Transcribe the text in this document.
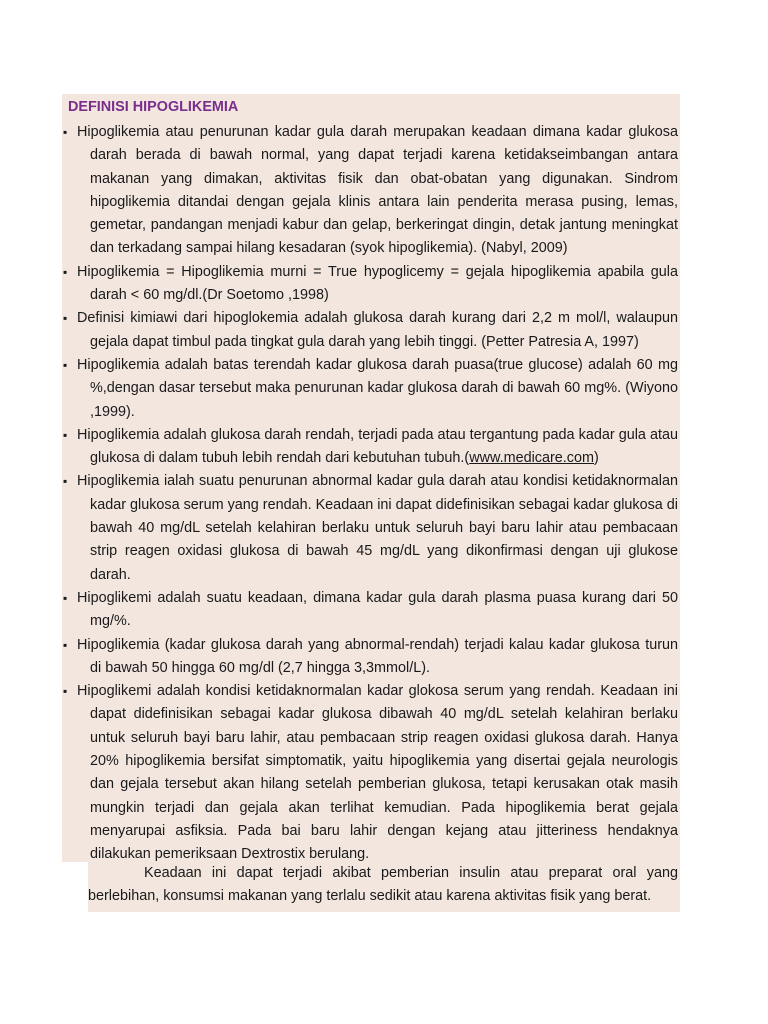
DEFINISI HIPOGLIKEMIA
▪ Hipoglikemia atau penurunan kadar gula darah merupakan keadaan dimana kadar glukosa darah berada di bawah normal, yang dapat terjadi karena ketidakseimbangan antara makanan yang dimakan, aktivitas fisik dan obat-obatan yang digunakan. Sindrom hipoglikemia ditandai dengan gejala klinis antara lain penderita merasa pusing, lemas, gemetar, pandangan menjadi kabur dan gelap, berkeringat dingin, detak jantung meningkat dan terkadang sampai hilang kesadaran (syok hipoglikemia). (Nabyl, 2009)
▪ Hipoglikemia = Hipoglikemia murni = True hypoglicemy = gejala hipoglikemia apabila gula darah < 60 mg/dl.(Dr Soetomo ,1998)
▪ Definisi kimiawi dari hipoglokemia adalah glukosa darah kurang dari 2,2 m mol/l, walaupun gejala dapat timbul pada tingkat gula darah yang lebih tinggi. (Petter Patresia A, 1997)
▪ Hipoglikemia adalah batas terendah kadar glukosa darah puasa(true glucose) adalah 60 mg %,dengan dasar tersebut maka penurunan kadar glukosa darah di bawah 60 mg%. (Wiyono ,1999).
▪ Hipoglikemia adalah glukosa darah rendah, terjadi pada atau tergantung pada kadar gula atau glukosa di dalam tubuh lebih rendah dari kebutuhan tubuh.(www.medicare.com)
▪ Hipoglikemia ialah suatu penurunan abnormal kadar gula darah atau kondisi ketidaknormalan kadar glukosa serum yang rendah. Keadaan ini dapat didefinisikan sebagai kadar glukosa di bawah 40 mg/dL setelah kelahiran berlaku untuk seluruh bayi baru lahir atau pembacaan strip reagen oxidasi glukosa di bawah 45 mg/dL yang dikonfirmasi dengan uji glukose darah.
▪ Hipoglikemi adalah suatu keadaan, dimana kadar gula darah plasma puasa kurang dari 50 mg/%.
▪ Hipoglikemia (kadar glukosa darah yang abnormal-rendah) terjadi kalau kadar glukosa turun di bawah 50 hingga 60 mg/dl (2,7 hingga 3,3mmol/L).
▪ Hipoglikemi adalah kondisi ketidaknormalan kadar glokosa serum yang rendah. Keadaan ini dapat didefinisikan sebagai kadar glukosa dibawah 40 mg/dL setelah kelahiran berlaku untuk seluruh bayi baru lahir, atau pembacaan strip reagen oxidasi glukosa darah. Hanya 20% hipoglikemia bersifat simptomatik, yaitu hipoglikemia yang disertai gejala neurologis dan gejala tersebut akan hilang setelah pemberian glukosa, tetapi kerusakan otak masih mungkin terjadi dan gejala akan terlihat kemudian. Pada hipoglikemia berat gejala menyarupai asfiksia. Pada bai baru lahir dengan kejang atau jitteriness hendaknya dilakukan pemeriksaan Dextrostix berulang.
Keadaan ini dapat terjadi akibat pemberian insulin atau preparat oral yang berlebihan, konsumsi makanan yang terlalu sedikit atau karena aktivitas fisik yang berat.
